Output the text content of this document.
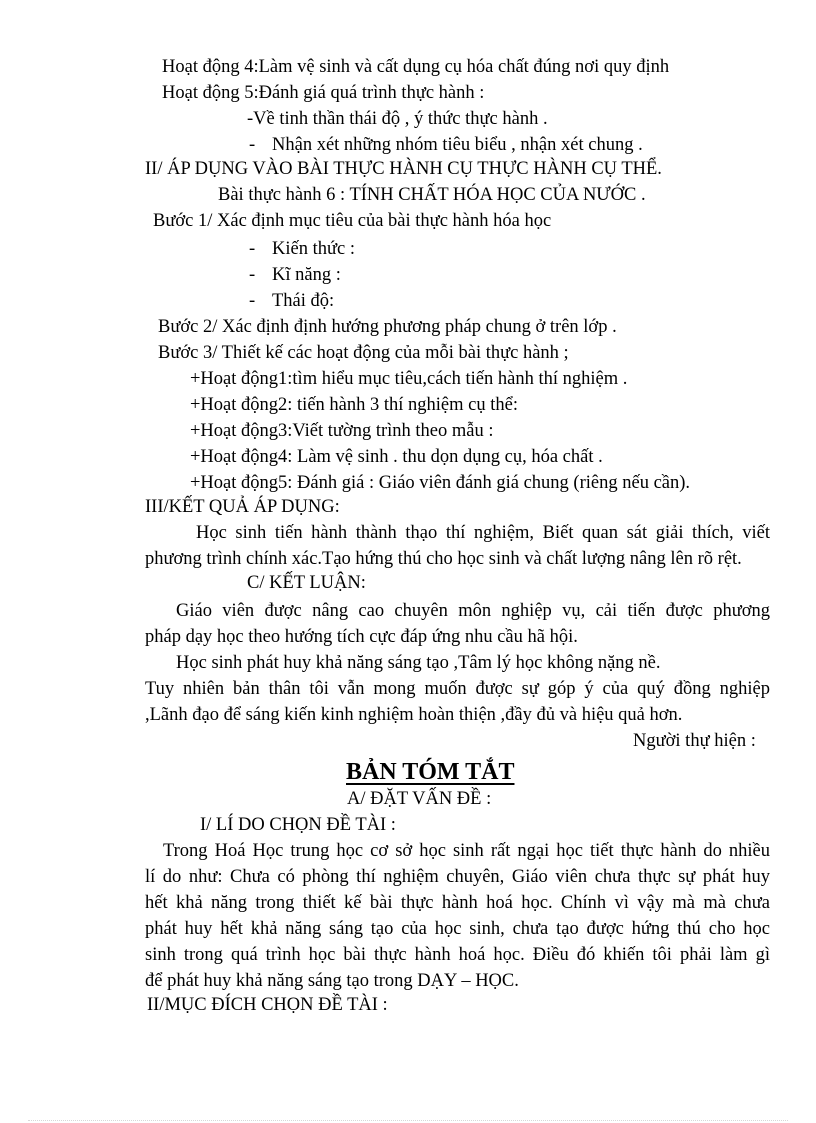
Hoạt động 4:Làm vệ sinh và cất dụng cụ hóa chất đúng nơi quy định
Hoạt động 5:Đánh giá quá trình thực hành :
-Về tinh thần thái độ , ý thức thực hành .
- Nhận xét những nhóm tiêu biểu , nhận xét chung .
II/ ÁP DỤNG VÀO BÀI THỰC HÀNH CỤ THỰC HÀNH CỤ THỂ.
Bài thực hành 6 : TÍNH CHẤT HÓA HỌC CỦA NƯỚC .
Bước 1/ Xác định mục tiêu của bài thực hành hóa học
- Kiến thức :
- Kĩ năng :
- Thái độ:
Bước 2/ Xác định định hướng phương pháp chung ở trên lớp .
Bước 3/ Thiết kế các hoạt động của mỗi bài thực hành ;
+Hoạt động1:tìm hiểu mục tiêu,cách tiến hành thí nghiệm .
+Hoạt động2: tiến hành 3 thí nghiệm cụ thể:
+Hoạt động3:Viết tường trình theo mẫu :
+Hoạt động4: Làm vệ sinh . thu dọn dụng cụ, hóa chất .
+Hoạt động5: Đánh giá : Giáo viên đánh giá chung (riêng nếu cần).
III/KẾT QUẢ ÁP DỤNG:
Học sinh tiến hành thành thạo thí nghiệm, Biết quan sát giải thích, viết
phương trình chính xác.Tạo hứng thú cho học sinh và chất lượng nâng lên rõ rệt.
C/ KẾT LUẬN:
Giáo viên được nâng cao chuyên môn nghiệp vụ, cải tiến được phương
pháp dạy học theo hướng tích cực đáp ứng nhu cầu hã hội.
Học sinh phát huy khả năng sáng tạo ,Tâm lý học không nặng nề.
Tuy nhiên bản thân tôi vẫn mong muốn được sự góp ý của quý đồng nghiệp
,Lãnh đạo để sáng kiến kinh nghiệm hoàn thiện ,đầy đủ và hiệu quả hơn.
Người thự hiện :
BẢN TÓM TẮT
A/ ĐẶT VẤN ĐỀ :
I/ LÍ DO CHỌN ĐỀ TÀI :
Trong Hoá Học trung học cơ sở học sinh rất ngại học tiết thực hành do nhiều
lí do như: Chưa có phòng thí nghiệm chuyên, Giáo viên chưa thực sự phát huy
hết khả năng trong thiết kế bài thực hành hoá học. Chính vì vậy mà mà chưa
phát huy hết khả năng sáng tạo của học sinh, chưa tạo được hứng thú cho học
sinh trong quá trình học bài thực hành hoá học. Điều đó khiến tôi phải làm gì
để phát huy khả năng sáng tạo trong DẠY – HỌC.
II/MỤC ĐÍCH CHỌN ĐỀ TÀI :
